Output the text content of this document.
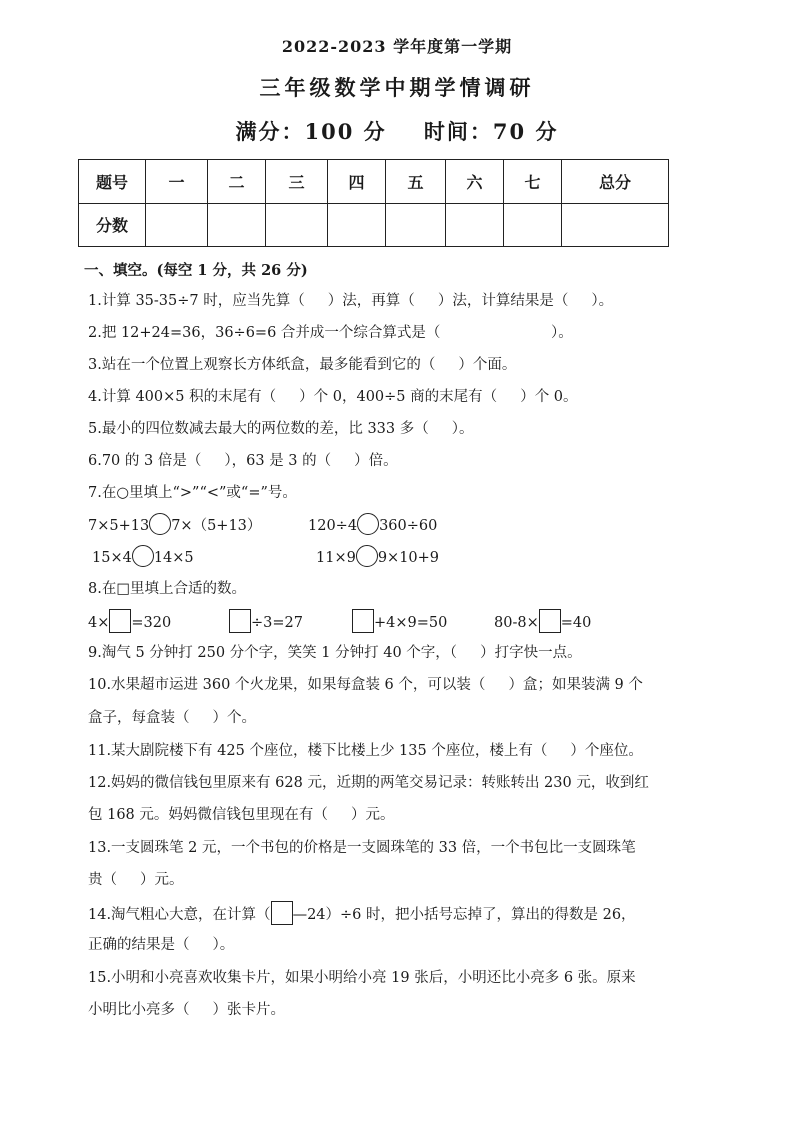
2022-2023 学年度第一学期
三年级数学中期学情调研
满分：100 分    时间：70 分
题号	一	二	三	四	五	六	七	总分
分数								
一、填空。(每空 1 分，共 26 分)
1.计算 35-35÷7 时，应当先算（     ）法，再算（     ）法，计算结果是（     ）。
2.把 12+24=36，36÷6=6 合并成一个综合算式是（                        ）。
3.站在一个位置上观察长方体纸盒，最多能看到它的（     ）个面。
4.计算 400×5 积的末尾有（     ）个 0，400÷5 商的末尾有（     ）个 0。
5.最小的四位数减去最大的两位数的差，比 333 多（     ）。
6.70 的 3 倍是（     ），63 是 3 的（     ）倍。
7.在○里填上“>”“<”或“=”号。
7×5+13 7×（5+13）	120÷4 360÷60
15×4 14×5	11×9 9×10+9
8.在□里填上合适的数。
4× =320	÷3=27	+4×9=50	80-8× =40
9.淘气 5 分钟打 250 分个字，笑笑 1 分钟打 40 个字，（     ）打字快一点。
10.水果超市运进 360 个火龙果，如果每盒装 6 个，可以装（     ）盒；如果装满 9 个
盒子，每盒装（     ）个。
11.某大剧院楼下有 425 个座位，楼下比楼上少 135 个座位，楼上有（     ）个座位。
12.妈妈的微信钱包里原来有 628 元，近期的两笔交易记录：转账转出 230 元，收到红
包 168 元。妈妈微信钱包里现在有（     ）元。
13.一支圆珠笔 2 元，一个书包的价格是一支圆珠笔的 33 倍，一个书包比一支圆珠笔
贵（     ）元。
14.淘气粗心大意，在计算（ —24）÷6 时，把小括号忘掉了，算出的得数是 26，
正确的结果是（     ）。
15.小明和小亮喜欢收集卡片，如果小明给小亮 19 张后，小明还比小亮多 6 张。原来
小明比小亮多（     ）张卡片。
